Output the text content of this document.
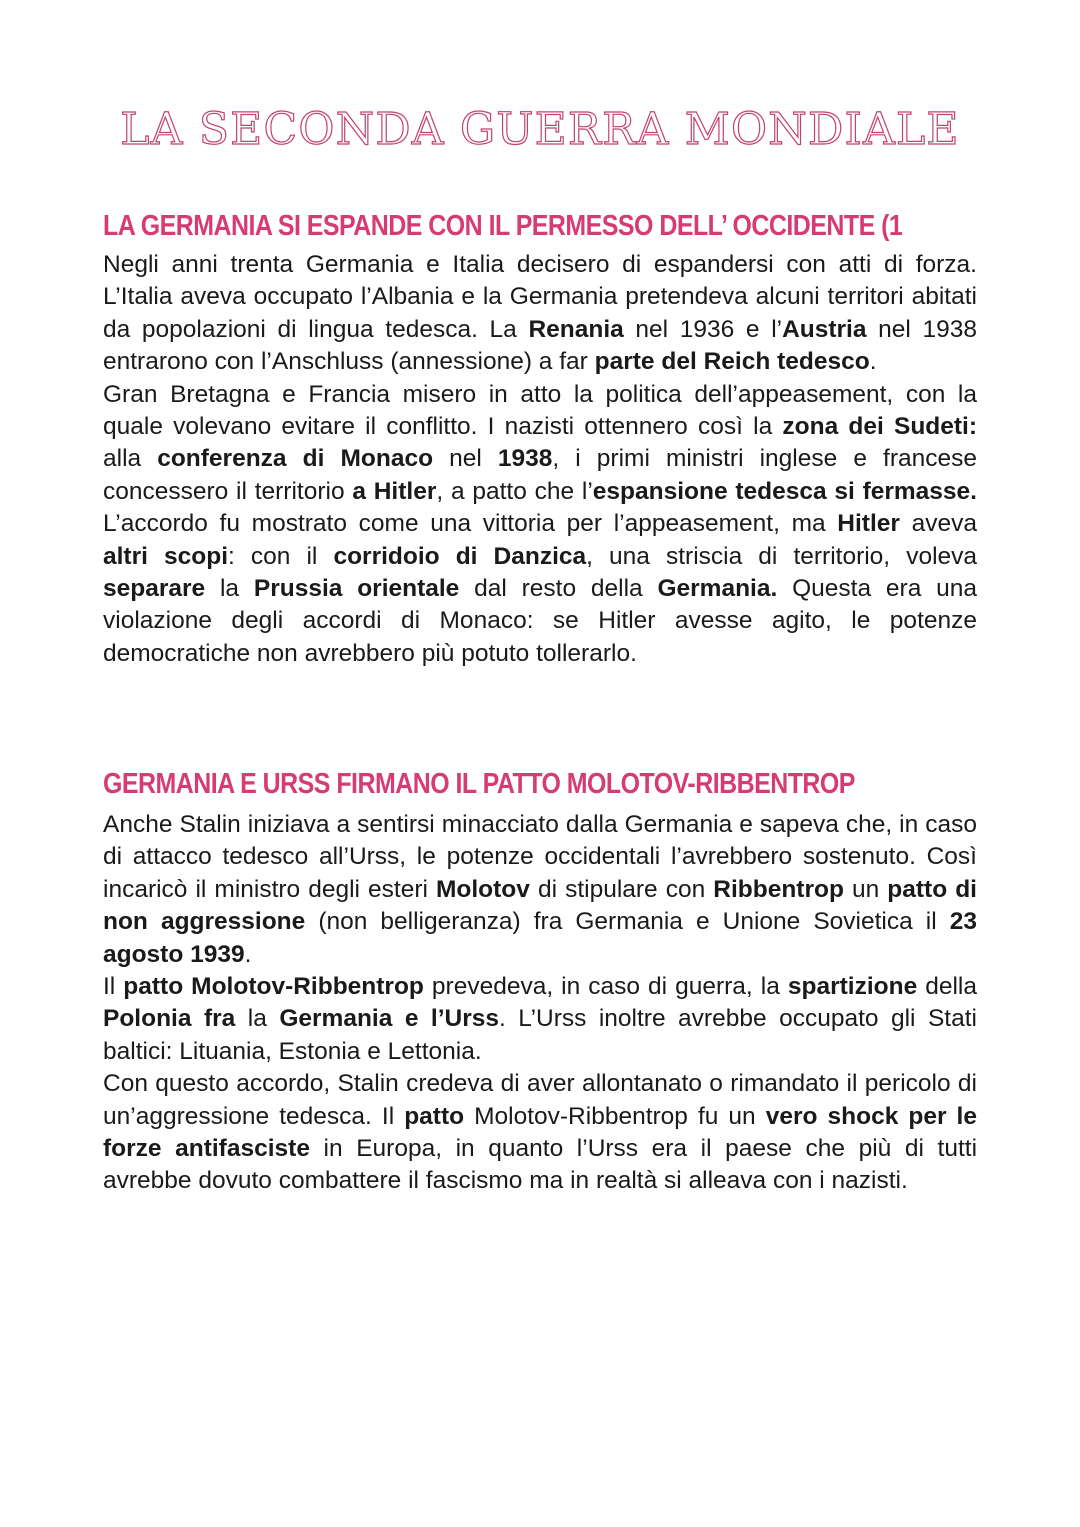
LA SECONDA GUERRA MONDIALE
LA GERMANIA SI ESPANDE CON IL PERMESSO DELL’ OCCIDENTE (1

Negli anni trenta Germania e Italia decisero di espandersi con atti di forza. L’Italia aveva occupato l’Albania e la Germania pretendeva alcuni territori abitati da popolazioni di lingua tedesca. La Renania nel 1936 e l’Austria nel 1938 entrarono con l’Anschluss (annessione) a far parte del Reich tedesco.

Gran Bretagna e Francia misero in atto la politica dell’appeasement, con la quale volevano evitare il conflitto. I nazisti ottennero così la zona dei Sudeti: alla conferenza di Monaco nel 1938, i primi ministri inglese e francese concessero il territorio a Hitler, a patto che l’espansione tedesca si fermasse. L’accordo fu mostrato come una vittoria per l’appeasement, ma Hitler aveva altri scopi: con il corridoio di Danzica, una striscia di territorio, voleva separare la Prussia orientale dal resto della Germania. Questa era una violazione degli accordi di Monaco: se Hitler avesse agito, le potenze democratiche non avrebbero più potuto tollerarlo.

GERMANIA E URSS FIRMANO IL PATTO MOLOTOV-RIBBENTROP

Anche Stalin iniziava a sentirsi minacciato dalla Germania e sapeva che, in caso di attacco tedesco all’Urss, le potenze occidentali l’avrebbero sostenuto. Così incaricò il ministro degli esteri Molotov di stipulare con Ribbentrop un patto di non aggressione (non belligeranza) fra Germania e Unione Sovietica il 23 agosto 1939.

Il patto Molotov-Ribbentrop prevedeva, in caso di guerra, la spartizione della Polonia fra la Germania e l’Urss. L’Urss inoltre avrebbe occupato gli Stati baltici: Lituania, Estonia e Lettonia.

Con questo accordo, Stalin credeva di aver allontanato o rimandato il pericolo di un’aggressione tedesca. Il patto Molotov-Ribbentrop fu un vero shock per le forze antifasciste in Europa, in quanto l’Urss era il paese che più di tutti avrebbe dovuto combattere il fascismo ma in realtà si alleava con i nazisti.
